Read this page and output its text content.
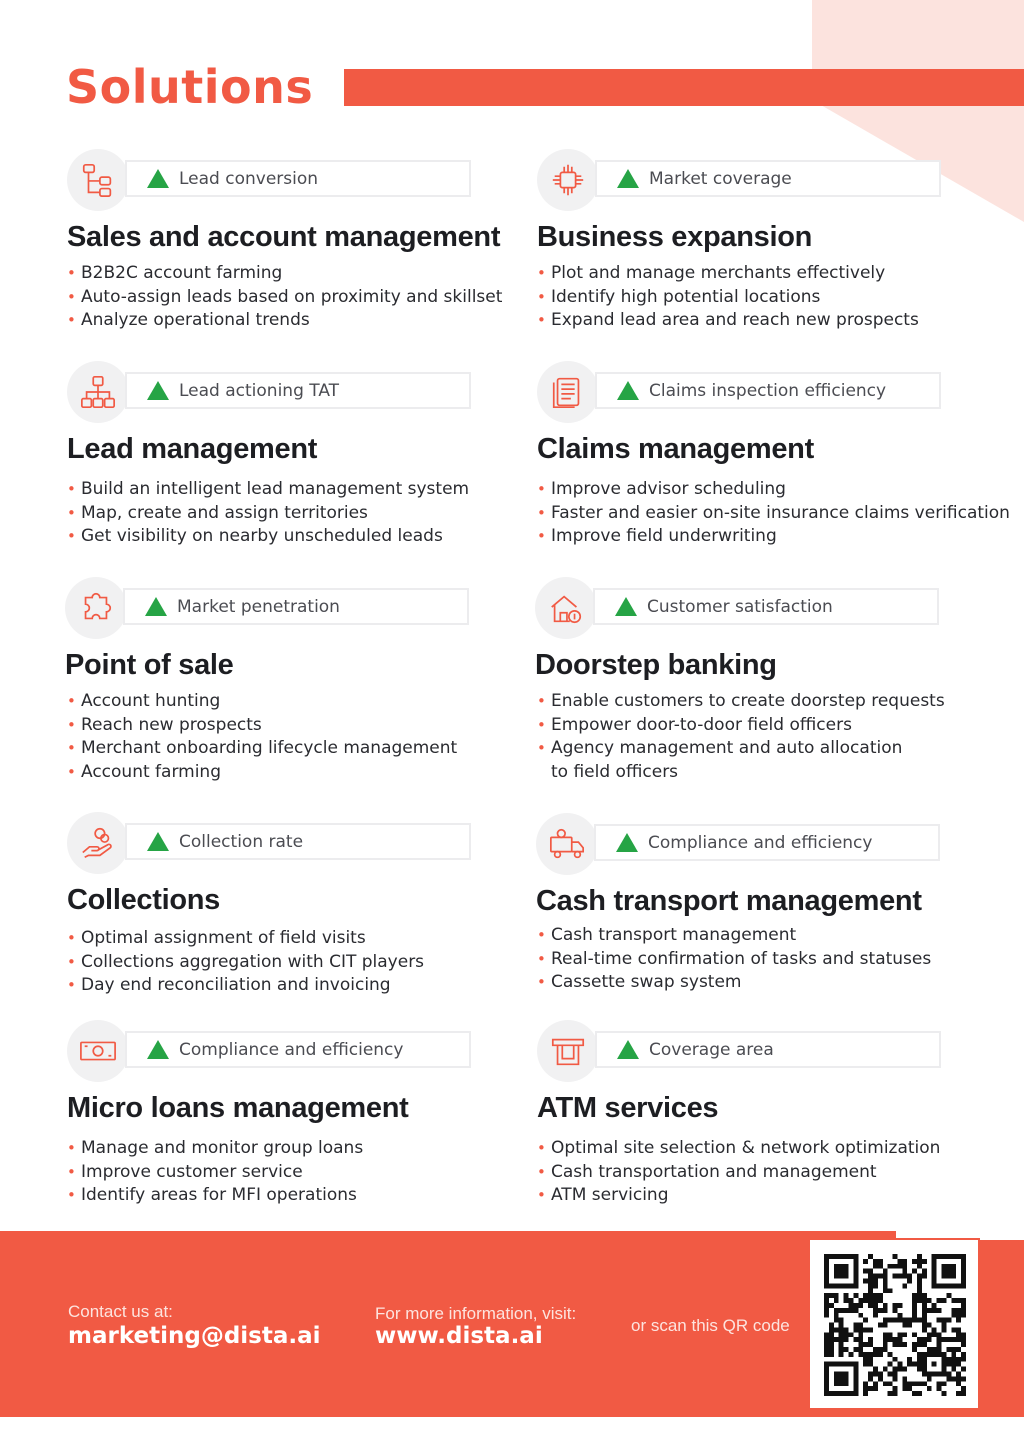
Solutions
Lead conversion
Sales and account management
• B2B2C account farming
• Auto-assign leads based on proximity and skillset
• Analyze operational trends
Market coverage
Business expansion
• Plot and manage merchants effectively
• Identify high potential locations
• Expand lead area and reach new prospects
Lead actioning TAT
Lead management
• Build an intelligent lead management system
• Map, create and assign territories
• Get visibility on nearby unscheduled leads
Claims inspection efficiency
Claims management
• Improve advisor scheduling
• Faster and easier on-site insurance claims verification
• Improve field underwriting
Market penetration
Point of sale
• Account hunting
• Reach new prospects
• Merchant onboarding lifecycle management
• Account farming
Customer satisfaction
Doorstep banking
• Enable customers to create doorstep requests
• Empower door-to-door field officers
• Agency management and auto allocation to field officers
Collection rate
Collections
• Optimal assignment of field visits
• Collections aggregation with CIT players
• Day end reconciliation and invoicing
Compliance and efficiency
Cash transport management
• Cash transport management
• Real-time confirmation of tasks and statuses
• Cassette swap system
Compliance and efficiency
Micro loans management
• Manage and monitor group loans
• Improve customer service
• Identify areas for MFI operations
Coverage area
ATM services
• Optimal site selection & network optimization
• Cash transportation and management
• ATM servicing
Contact us at:
marketing@dista.ai
For more information, visit:
www.dista.ai	or scan this QR code
